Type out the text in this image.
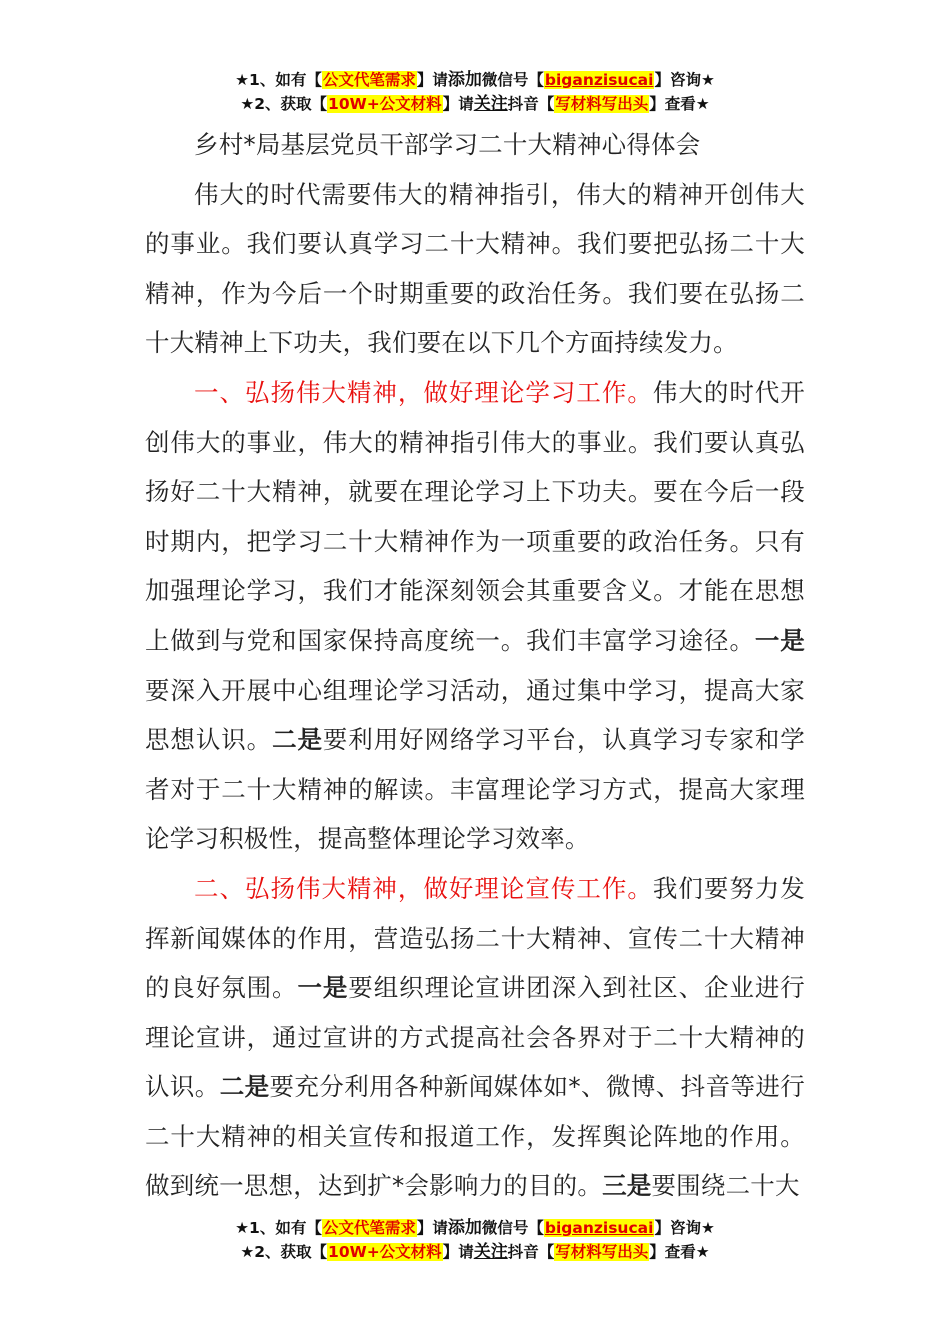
★1、如有【公文代笔需求】请添加微信号【biganzisucai】咨询★
★2、获取【10W+公文材料】请关注抖音【写材料写出头】查看★

乡村*局基层党员干部学习二十大精神心得体会

伟大的时代需要伟大的精神指引，伟大的精神开创伟大的事业。我们要认真学习二十大精神。我们要把弘扬二十大精神，作为今后一个时期重要的政治任务。我们要在弘扬二十大精神上下功夫，我们要在以下几个方面持续发力。

一、弘扬伟大精神，做好理论学习工作。伟大的时代开创伟大的事业，伟大的精神指引伟大的事业。我们要认真弘扬好二十大精神，就要在理论学习上下功夫。要在今后一段时期内，把学习二十大精神作为一项重要的政治任务。只有加强理论学习，我们才能深刻领会其重要含义。才能在思想上做到与党和国家保持高度统一。我们丰富学习途径。一是要深入开展中心组理论学习活动，通过集中学习，提高大家思想认识。二是要利用好网络学习平台，认真学习专家和学者对于二十大精神的解读。丰富理论学习方式，提高大家理论学习积极性，提高整体理论学习效率。

二、弘扬伟大精神，做好理论宣传工作。我们要努力发挥新闻媒体的作用，营造弘扬二十大精神、宣传二十大精神的良好氛围。一是要组织理论宣讲团深入到社区、企业进行理论宣讲，通过宣讲的方式提高社会各界对于二十大精神的认识。二是要充分利用各种新闻媒体如*、微博、抖音等进行二十大精神的相关宣传和报道工作，发挥舆论阵地的作用。做到统一思想，达到扩*会影响力的目的。三是要围绕二十大

★1、如有【公文代笔需求】请添加微信号【biganzisucai】咨询★
★2、获取【10W+公文材料】请关注抖音【写材料写出头】查看★
